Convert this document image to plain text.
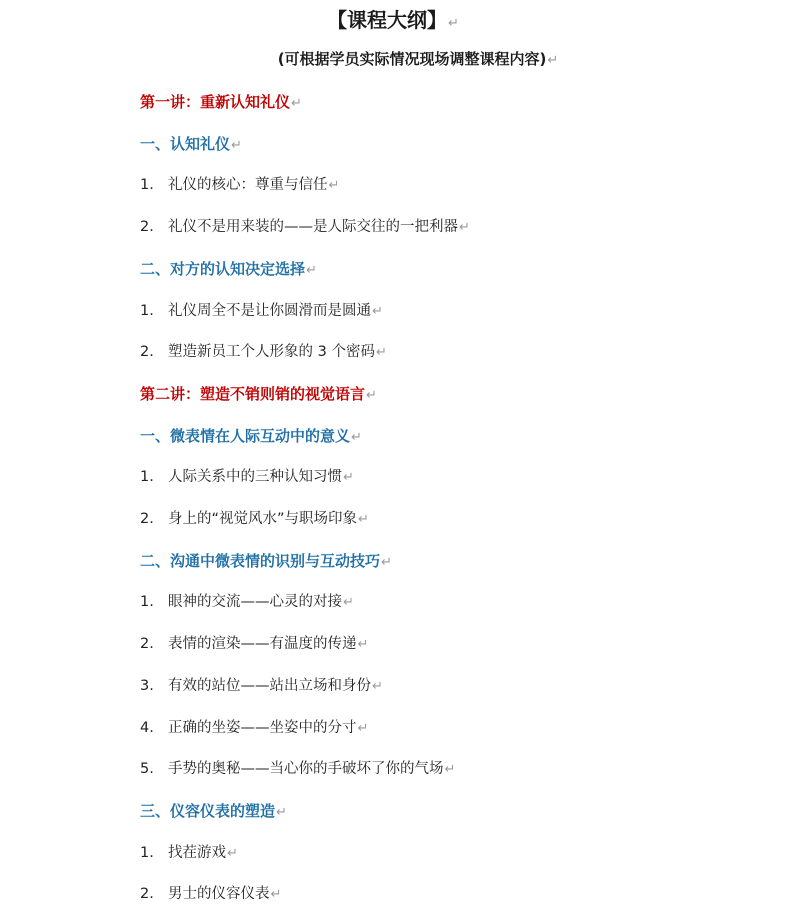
【课程大纲】↵
(可根据学员实际情况现场调整课程内容)↵
第一讲：重新认知礼仪↵
一、认知礼仪↵
1. 礼仪的核心：尊重与信任↵
2. 礼仪不是用来装的——是人际交往的一把利器↵
二、对方的认知决定选择↵
1. 礼仪周全不是让你圆滑而是圆通↵
2. 塑造新员工个人形象的 3 个密码↵
第二讲：塑造不销则销的视觉语言↵
一、微表情在人际互动中的意义↵
1. 人际关系中的三种认知习惯↵
2. 身上的“视觉风水”与职场印象↵
二、沟通中微表情的识别与互动技巧↵
1. 眼神的交流——心灵的对接↵
2. 表情的渲染——有温度的传递↵
3. 有效的站位——站出立场和身份↵
4. 正确的坐姿——坐姿中的分寸↵
5. 手势的奥秘——当心你的手破坏了你的气场↵
三、仪容仪表的塑造↵
1. 找茬游戏↵
2. 男士的仪容仪表↵
